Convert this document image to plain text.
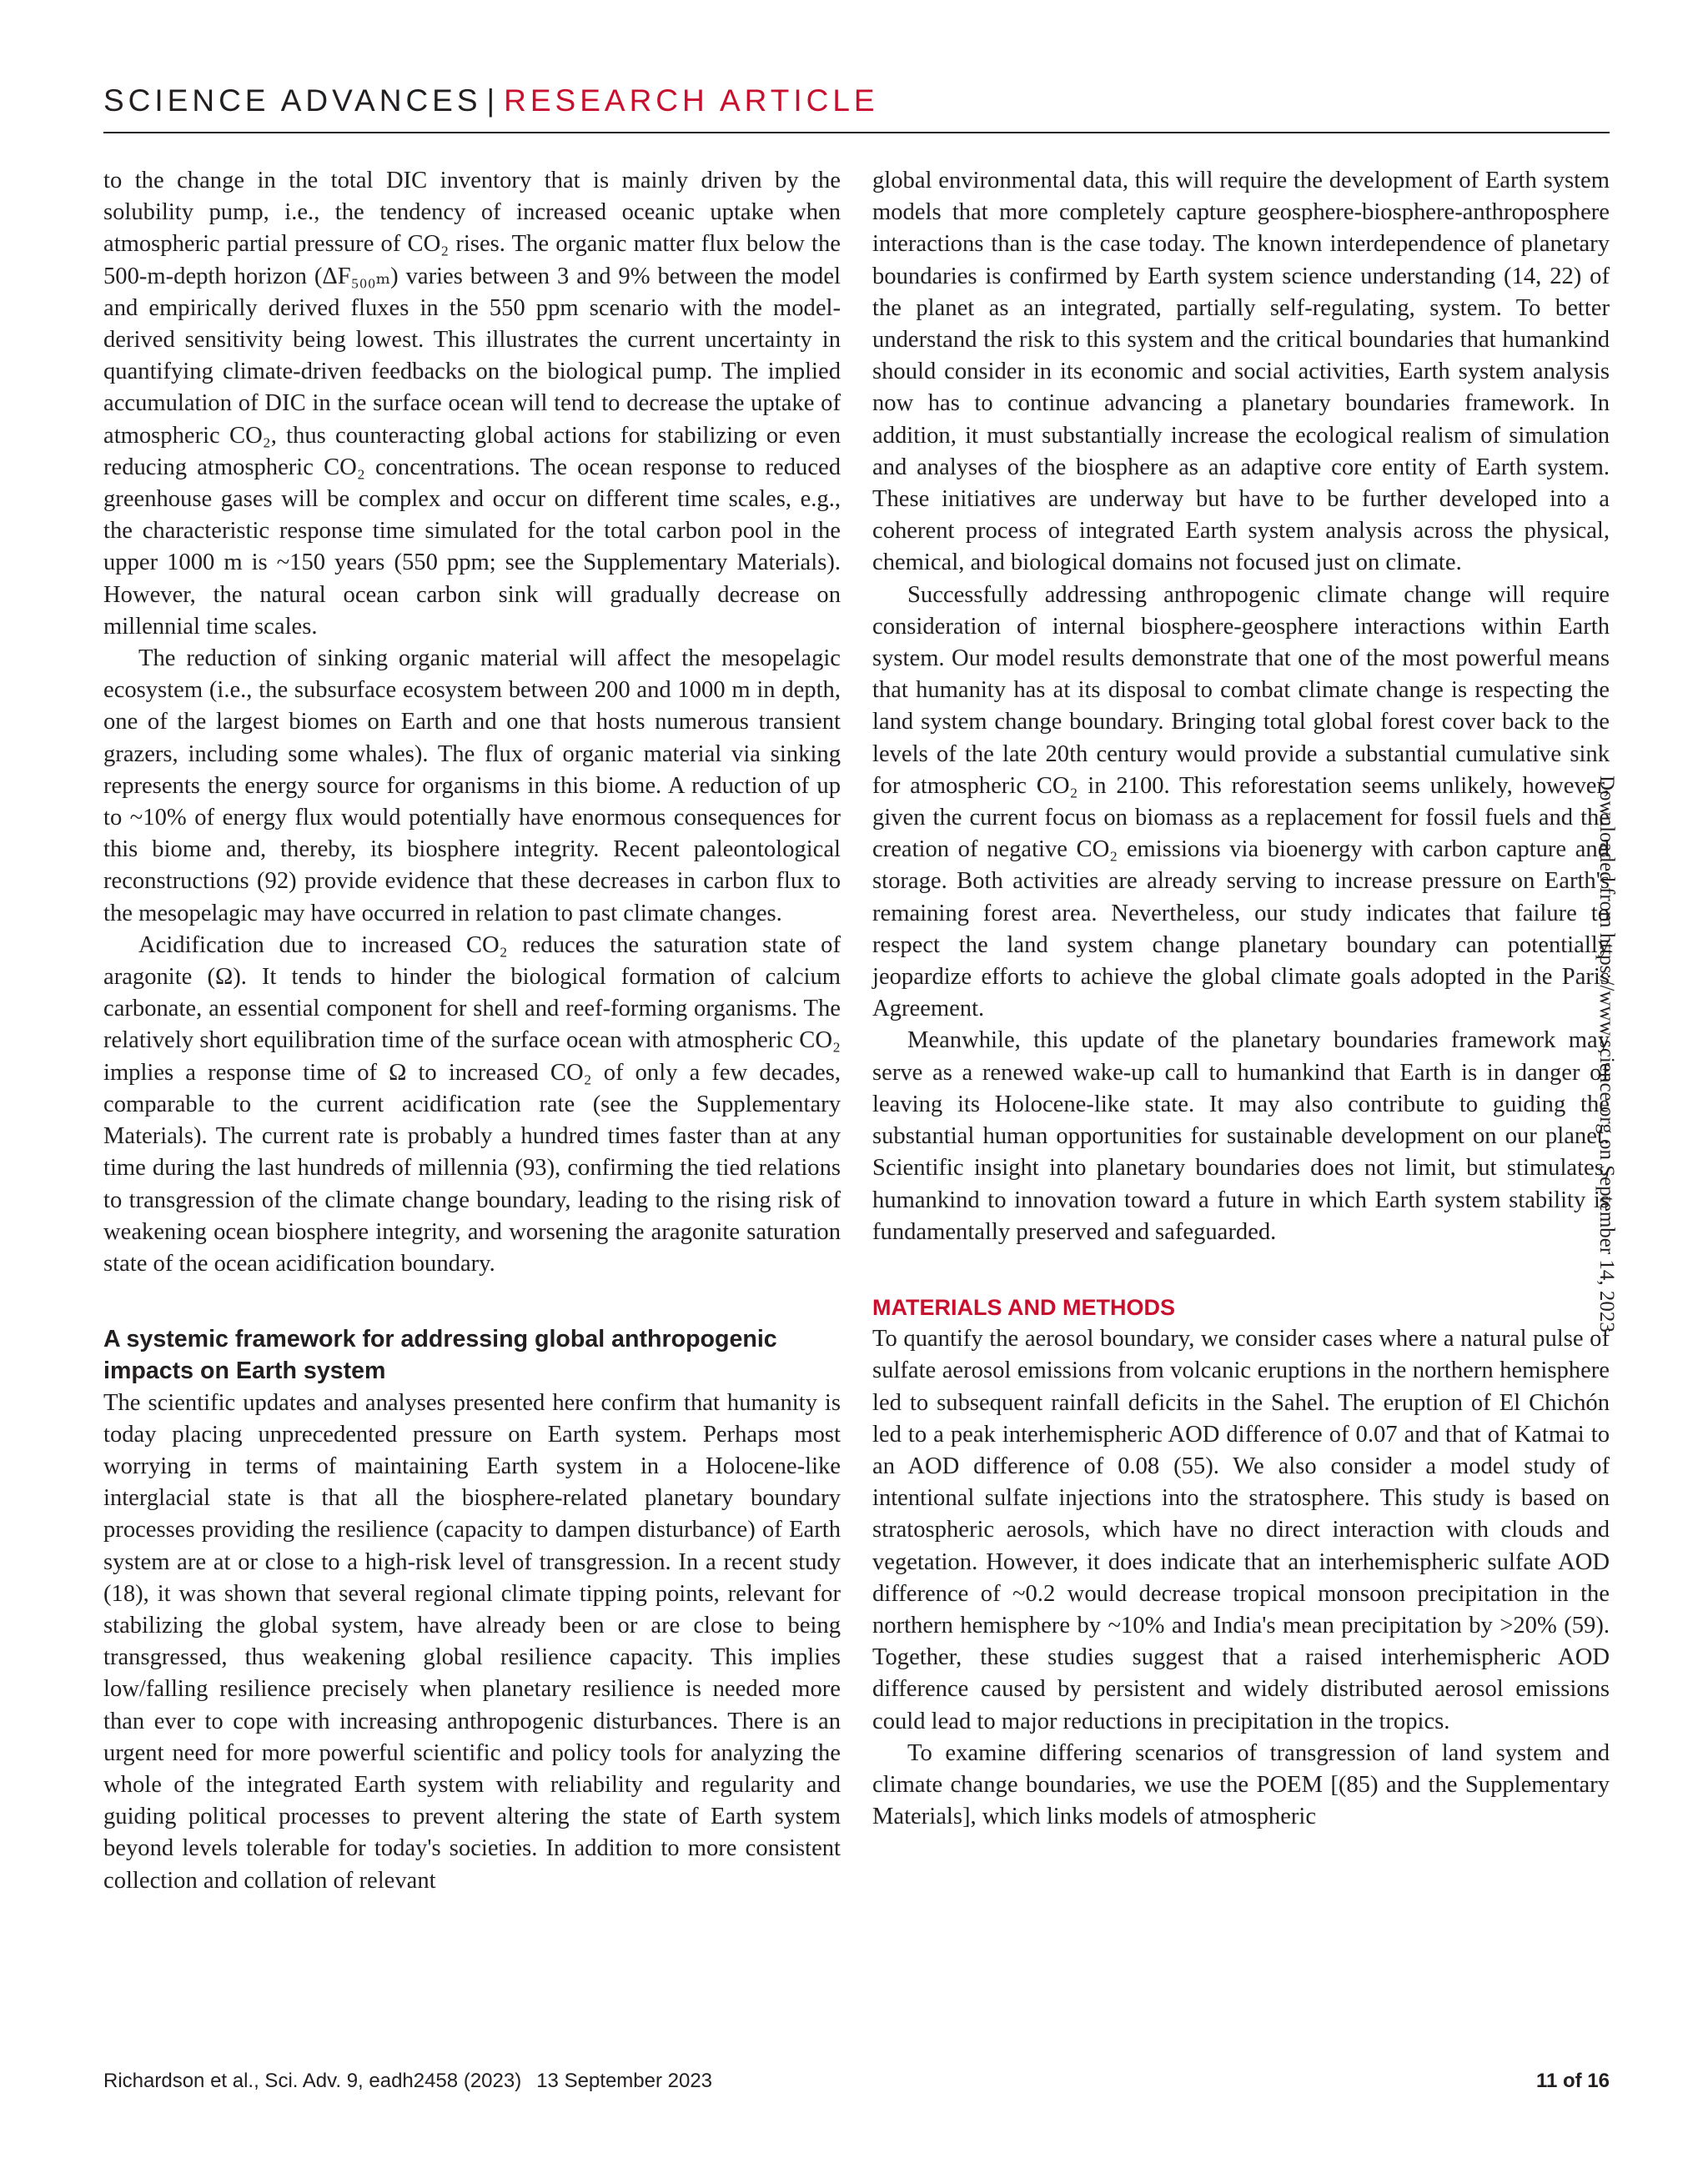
SCIENCE ADVANCES | RESEARCH ARTICLE

to the change in the total DIC inventory that is mainly driven by the solubility pump, i.e., the tendency of increased oceanic uptake when atmospheric partial pressure of CO₂ rises. The organic matter flux below the 500-m-depth horizon (ΔF₅₀₀ₘ) varies between 3 and 9% between the model and empirically derived fluxes in the 550 ppm scenario with the model-derived sensitivity being lowest. This illustrates the current uncertainty in quantifying climate-driven feedbacks on the biological pump. The implied accumulation of DIC in the surface ocean will tend to decrease the uptake of atmospheric CO₂, thus counteracting global actions for stabilizing or even reducing atmospheric CO₂ concentrations. The ocean response to reduced greenhouse gases will be complex and occur on different time scales, e.g., the characteristic response time simulated for the total carbon pool in the upper 1000 m is ~150 years (550 ppm; see the Supplementary Materials). However, the natural ocean carbon sink will gradually decrease on millennial time scales.

The reduction of sinking organic material will affect the mesopelagic ecosystem (i.e., the subsurface ecosystem between 200 and 1000 m in depth, one of the largest biomes on Earth and one that hosts numerous transient grazers, including some whales). The flux of organic material via sinking represents the energy source for organisms in this biome. A reduction of up to ~10% of energy flux would potentially have enormous consequences for this biome and, thereby, its biosphere integrity. Recent paleontological reconstructions (92) provide evidence that these decreases in carbon flux to the mesopelagic may have occurred in relation to past climate changes.

Acidification due to increased CO₂ reduces the saturation state of aragonite (Ω). It tends to hinder the biological formation of calcium carbonate, an essential component for shell and reef-forming organisms. The relatively short equilibration time of the surface ocean with atmospheric CO₂ implies a response time of Ω to increased CO₂ of only a few decades, comparable to the current acidification rate (see the Supplementary Materials). The current rate is probably a hundred times faster than at any time during the last hundreds of millennia (93), confirming the tied relations to transgression of the climate change boundary, leading to the rising risk of weakening ocean biosphere integrity, and worsening the aragonite saturation state of the ocean acidification boundary.

A systemic framework for addressing global anthropogenic impacts on Earth system

The scientific updates and analyses presented here confirm that humanity is today placing unprecedented pressure on Earth system. Perhaps most worrying in terms of maintaining Earth system in a Holocene-like interglacial state is that all the biosphere-related planetary boundary processes providing the resilience (capacity to dampen disturbance) of Earth system are at or close to a high-risk level of transgression. In a recent study (18), it was shown that several regional climate tipping points, relevant for stabilizing the global system, have already been or are close to being transgressed, thus weakening global resilience capacity. This implies low/falling resilience precisely when planetary resilience is needed more than ever to cope with increasing anthropogenic disturbances. There is an urgent need for more powerful scientific and policy tools for analyzing the whole of the integrated Earth system with reliability and regularity and guiding political processes to prevent altering the state of Earth system beyond levels tolerable for today's societies. In addition to more consistent collection and collation of relevant

global environmental data, this will require the development of Earth system models that more completely capture geosphere-biosphere-anthroposphere interactions than is the case today. The known interdependence of planetary boundaries is confirmed by Earth system science understanding (14, 22) of the planet as an integrated, partially self-regulating, system. To better understand the risk to this system and the critical boundaries that humankind should consider in its economic and social activities, Earth system analysis now has to continue advancing a planetary boundaries framework. In addition, it must substantially increase the ecological realism of simulation and analyses of the biosphere as an adaptive core entity of Earth system. These initiatives are underway but have to be further developed into a coherent process of integrated Earth system analysis across the physical, chemical, and biological domains not focused just on climate.

Successfully addressing anthropogenic climate change will require consideration of internal biosphere-geosphere interactions within Earth system. Our model results demonstrate that one of the most powerful means that humanity has at its disposal to combat climate change is respecting the land system change boundary. Bringing total global forest cover back to the levels of the late 20th century would provide a substantial cumulative sink for atmospheric CO₂ in 2100. This reforestation seems unlikely, however, given the current focus on biomass as a replacement for fossil fuels and the creation of negative CO₂ emissions via bioenergy with carbon capture and storage. Both activities are already serving to increase pressure on Earth's remaining forest area. Nevertheless, our study indicates that failure to respect the land system change planetary boundary can potentially jeopardize efforts to achieve the global climate goals adopted in the Paris Agreement.

Meanwhile, this update of the planetary boundaries framework may serve as a renewed wake-up call to humankind that Earth is in danger of leaving its Holocene-like state. It may also contribute to guiding the substantial human opportunities for sustainable development on our planet. Scientific insight into planetary boundaries does not limit, but stimulates, humankind to innovation toward a future in which Earth system stability is fundamentally preserved and safeguarded.

MATERIALS AND METHODS

To quantify the aerosol boundary, we consider cases where a natural pulse of sulfate aerosol emissions from volcanic eruptions in the northern hemisphere led to subsequent rainfall deficits in the Sahel. The eruption of El Chichón led to a peak interhemispheric AOD difference of 0.07 and that of Katmai to an AOD difference of 0.08 (55). We also consider a model study of intentional sulfate injections into the stratosphere. This study is based on stratospheric aerosols, which have no direct interaction with clouds and vegetation. However, it does indicate that an interhemispheric sulfate AOD difference of ~0.2 would decrease tropical monsoon precipitation in the northern hemisphere by ~10% and India's mean precipitation by >20% (59). Together, these studies suggest that a raised interhemispheric AOD difference caused by persistent and widely distributed aerosol emissions could lead to major reductions in precipitation in the tropics.

To examine differing scenarios of transgression of land system and climate change boundaries, we use the POEM [(85) and the Supplementary Materials], which links models of atmospheric

Downloaded from https://www.science.org on September 14, 2023
Richardson et al., Sci. Adv. 9, eadh2458 (2023) 13 September 2023	11 of 16
